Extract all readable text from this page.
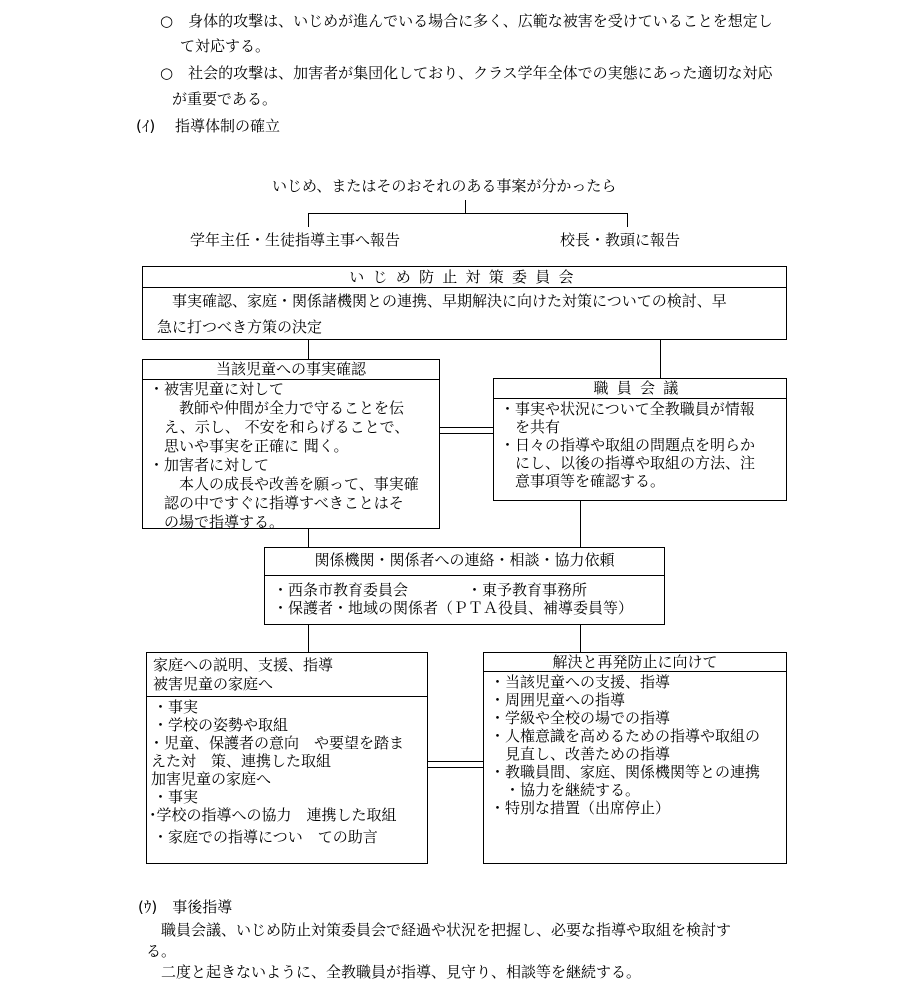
○　身体的攻撃は、いじめが進んでいる場合に多く、広範な被害を受けていることを想定し
て対応する。
○　社会的攻撃は、加害者が集団化しており、クラス学年全体での実態にあった適切な対応
が重要である。
(ｲ)　 指導体制の確立
いじめ、またはそのおそれのある事案が分かったら
学年主任・生徒指導主事へ報告	校長・教頭に報告
いじめ防止対策委員会
　事実確認、家庭・関係諸機関との連携、早期解決に向けた対策についての検討、早
急に打つべき方策の決定
当該児童への事実確認
・被害児童に対して
　　教師や仲間が全力で守ることを伝
　え、示し、 不安を和らげることで、
　思いや事実を正確に 聞く。
・加害者に対して
　　本人の成長や改善を願って、事実確
　認の中ですぐに指導すべきことはそ
　の場で指導する。
職員会議
・事実や状況について全教職員が情報
　を共有
・日々の指導や取組の問題点を明らか
　にし、以後の指導や取組の方法、注
　意事項等を確認する。
関係機関・関係者への連絡・相談・協力依頼
・西条市教育委員会	・東予教育事務所
・保護者・地域の関係者（ＰＴＡ役員、補導委員等）
家庭への説明、支援、指導
被害児童の家庭へ
・事実
・学校の姿勢や取組
・児童、保護者の意向　や要望を踏ま
えた対　策、連携した取組
加害児童の家庭へ
・事実
･学校の指導への協力　連携した取組
・家庭での指導につい　ての助言
解決と再発防止に向けて
・当該児童への支援、指導
・周囲児童への指導
・学級や全校の場での指導
・人権意識を高めるための指導や取組の
　見直し、改善ための指導
・教職員間、家庭、関係機関等との連携
　・協力を継続する。
・特別な措置（出席停止）
(ｳ)　事後指導
　職員会議、いじめ防止対策委員会で経過や状況を把握し、必要な指導や取組を検討す
る。
　二度と起きないように、全教職員が指導、見守り、相談等を継続する。
